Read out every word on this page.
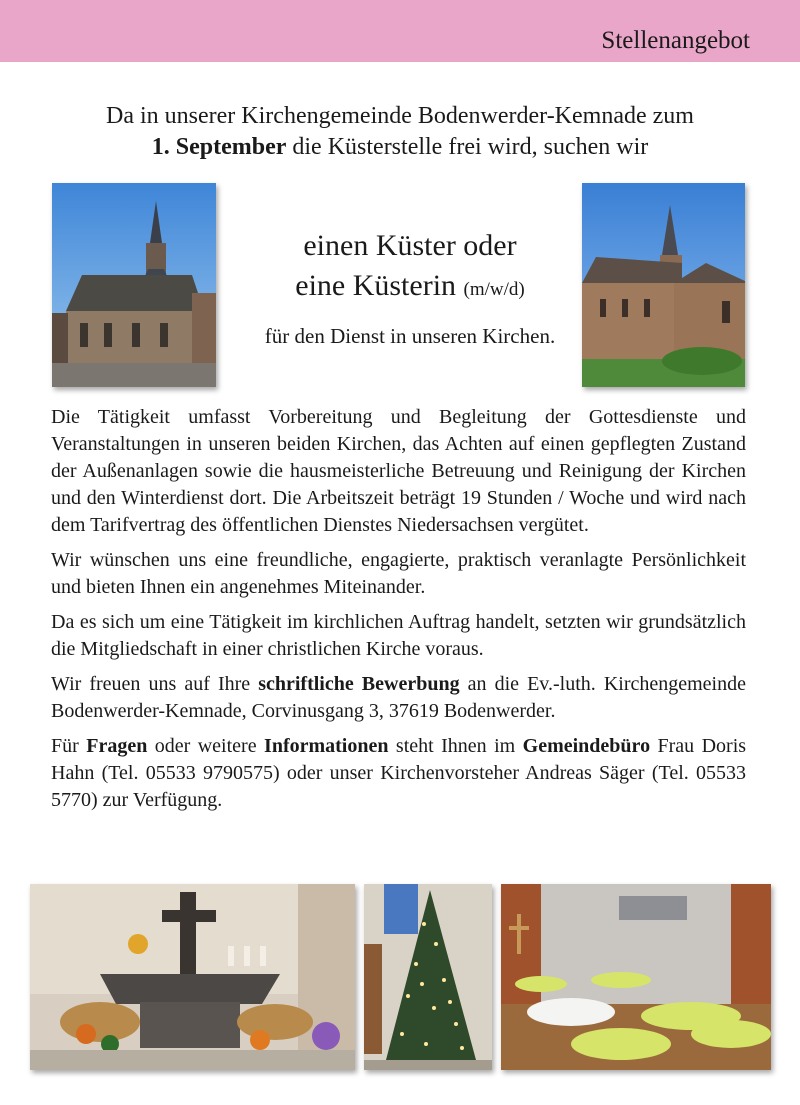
Stellenangebot
Da in unserer Kirchengemeinde Bodenwerder-Kemnade zum
1. September die Küsterstelle frei wird, suchen wir
einen Küster oder
eine Küsterin (m/w/d)
für den Dienst in unseren Kirchen.

Die Tätigkeit umfasst Vorbereitung und Begleitung der Gottesdienste und Veranstaltungen in unseren beiden Kirchen, das Achten auf einen gepflegten Zustand der Außenanlagen sowie die hausmeisterliche Betreuung und Reinigung der Kirchen und den Winterdienst dort. Die Arbeitszeit beträgt 19 Stunden / Woche und wird nach dem Tarifvertrag des öffentlichen Dienstes Niedersachsen vergütet.

Wir wünschen uns eine freundliche, engagierte, praktisch veranlagte Persönlichkeit und bieten Ihnen ein angenehmes Miteinander.

Da es sich um eine Tätigkeit im kirchlichen Auftrag handelt, setzten wir grundsätzlich die Mitgliedschaft in einer christlichen Kirche voraus.

Wir freuen uns auf Ihre schriftliche Bewerbung an die Ev.-luth. Kirchengemeinde Bodenwerder-Kemnade, Corvinusgang 3, 37619 Bodenwerder.

Für Fragen oder weitere Informationen steht Ihnen im Gemeindebüro Frau Doris Hahn (Tel. 05533 9790575) oder unser Kirchenvorsteher Andreas Säger (Tel. 05533 5770) zur Verfügung.
